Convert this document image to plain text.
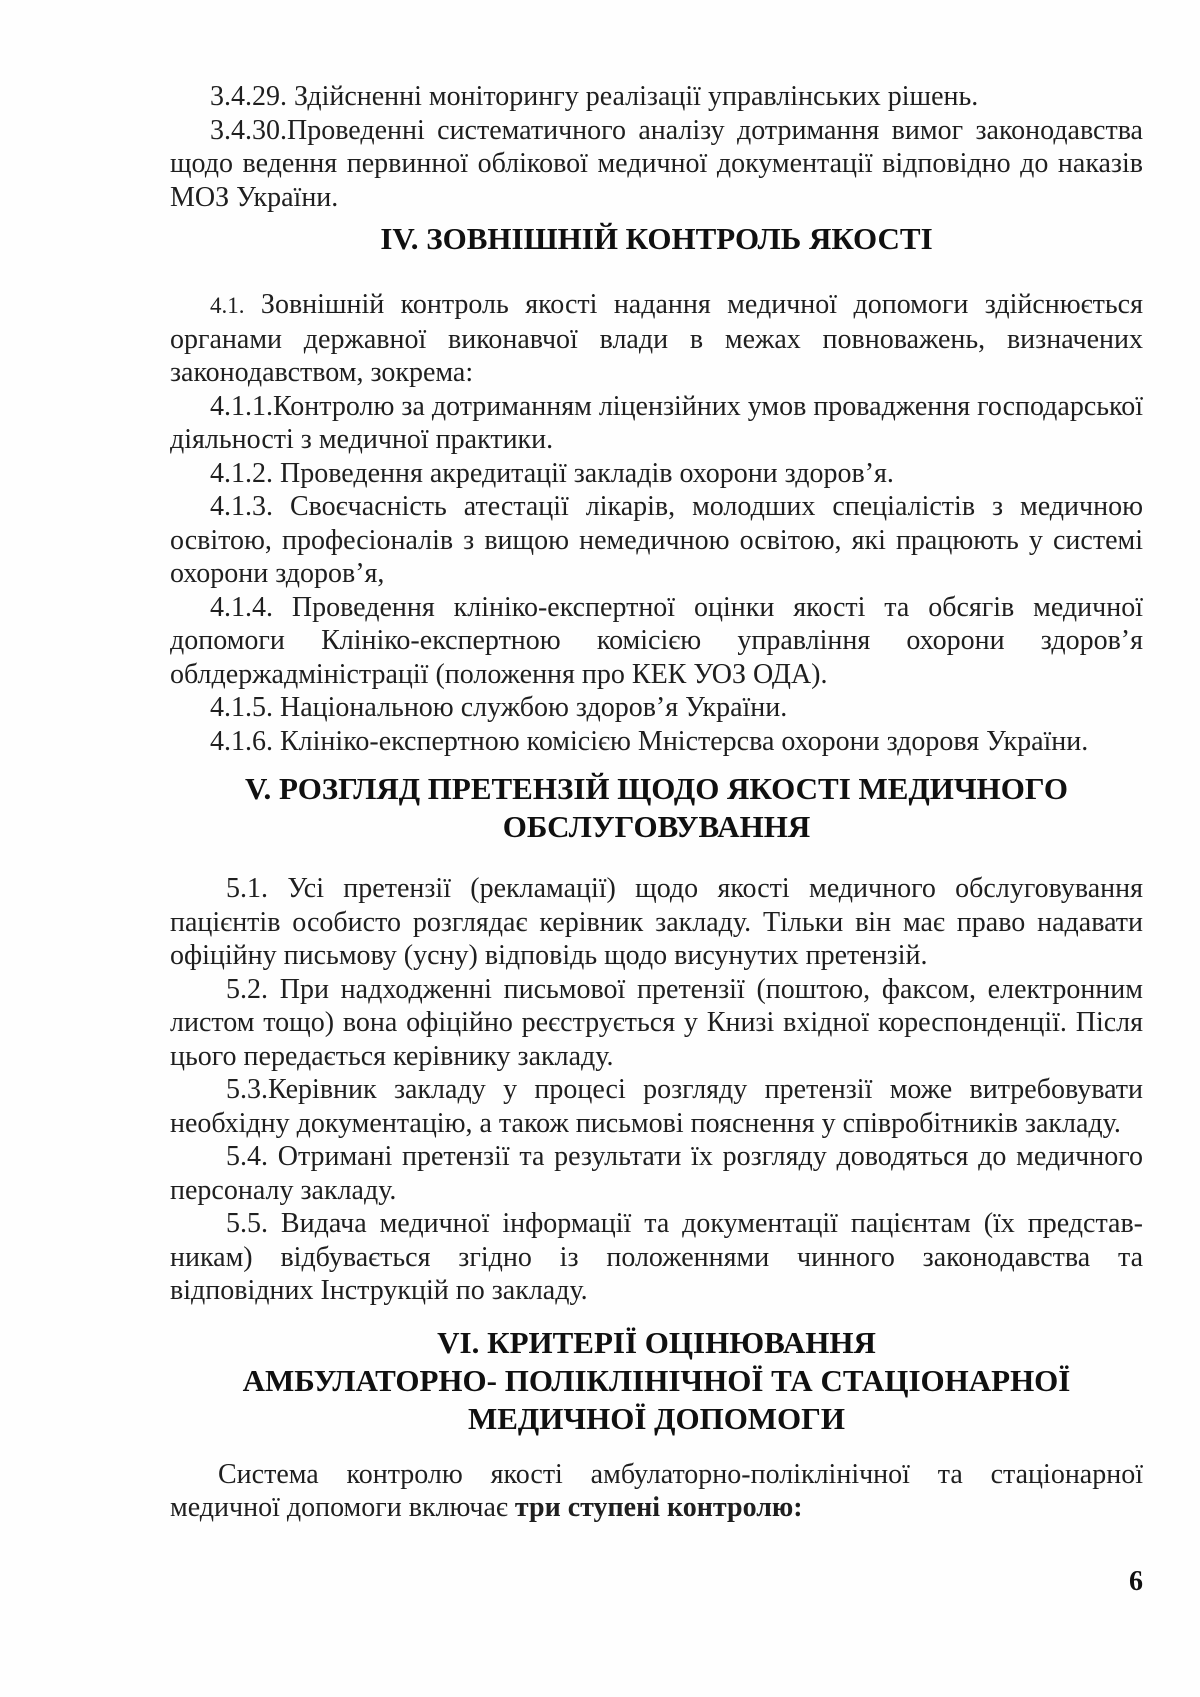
3.4.29. Здійсненні моніторингу реалізації управлінських рішень.

3.4.30.Проведенні систематичного аналізу дотримання вимог законодавства щодо ведення первинної облікової медичної документації відповідно до наказів МОЗ України.

IV. ЗОВНІШНІЙ КОНТРОЛЬ ЯКОСТІ

4.1. Зовнішній контроль якості надання медичної допомоги здійснюється органами державної виконавчої влади в межах повноважень, визначених законодавством, зокрема:

4.1.1.Контролю за дотриманням ліцензійних умов провадження господарської діяльності з медичної практики.

4.1.2. Проведення акредитації закладів охорони здоров’я.

4.1.3. Своєчасність атестації лікарів, молодших спеціалістів з медичною освітою, професіоналів з вищою немедичною освітою, які працюють у системі охорони здоров’я,

4.1.4. Проведення клініко-експертної оцінки якості та обсягів медичної допомоги Клініко-експертною комісією управління охорони здоров’я облдержадміністрації (положення про КЕК УОЗ ОДА).

4.1.5. Національною службою здоров’я України.

4.1.6. Клініко-експертною комісією Мністерсва охорони здоровя України.

V. РОЗГЛЯД ПРЕТЕНЗІЙ ЩОДО ЯКОСТІ МЕДИЧНОГО
ОБСЛУГОВУВАННЯ

5.1. Усі претензії (рекламації) щодо якості медичного обслуговування пацієнтів особисто розглядає керівник закладу. Тільки він має право надавати офіційну письмову (усну) відповідь щодо висунутих претензій.

5.2. При надходженні письмової претензії (поштою, факсом, електронним листом тощо) вона офіційно реєструється у Книзі вхідної кореспонденції. Після цього передається керівнику закладу.

5.3.Керівник закладу у процесі розгляду претензії може витребовувати необхідну документацію, а також письмові пояснення у співробітників закладу.

5.4. Отримані претензії та результати їх розгляду доводяться до медичного персоналу закладу.

5.5. Видача медичної інформації та документації пацієнтам (їх представ-никам) відбувається згідно із положеннями чинного законодавства та відповідних Інструкцій по закладу.

VI. КРИТЕРІЇ ОЦІНЮВАННЯ
АМБУЛАТОРНО- ПОЛІКЛІНІЧНОЇ ТА СТАЦІОНАРНОЇ
МЕДИЧНОЇ ДОПОМОГИ

Система контролю якості амбулаторно-поліклінічної та стаціонарної медичної допомоги включає три ступені контролю:

6
